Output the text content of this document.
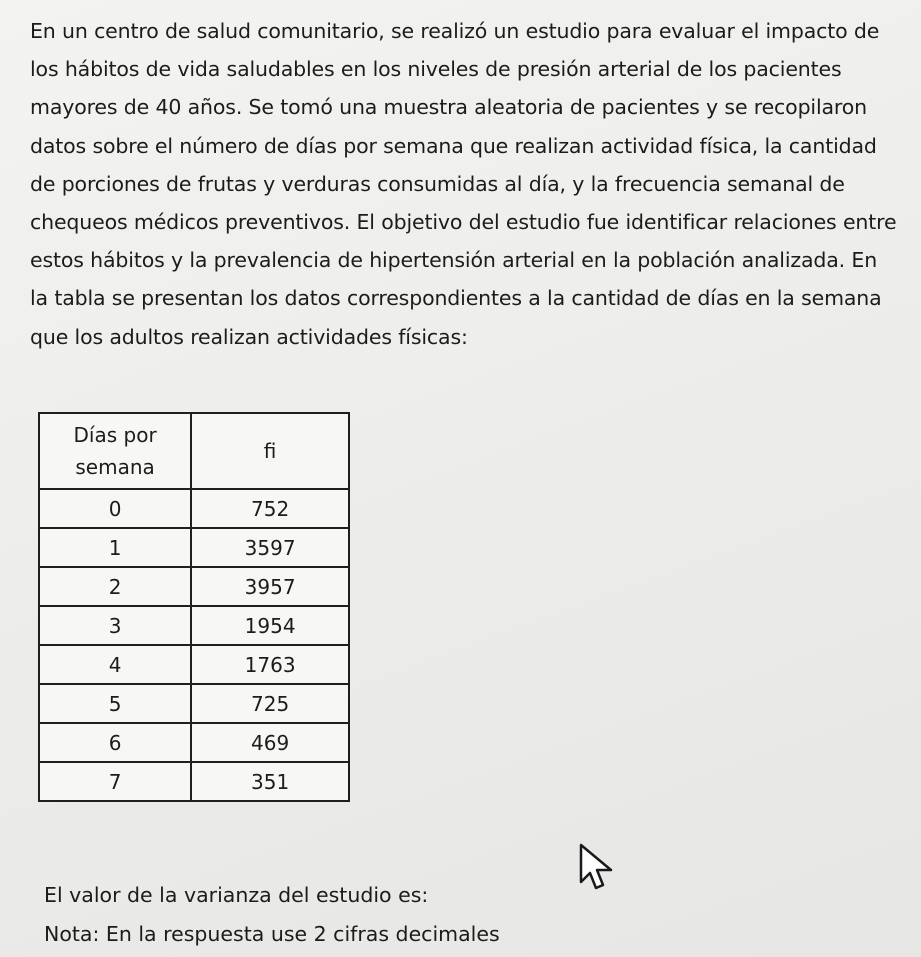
En un centro de salud comunitario, se realizó un estudio para evaluar el impacto de los hábitos de vida saludables en los niveles de presión arterial de los pacientes mayores de 40 años. Se tomó una muestra aleatoria de pacientes y se recopilaron datos sobre el número de días por semana que realizan actividad física, la cantidad de porciones de frutas y verduras consumidas al día, y la frecuencia semanal de chequeos médicos preventivos. El objetivo del estudio fue identificar relaciones entre estos hábitos y la prevalencia de hipertensión arterial en la población analizada. En la tabla se presentan los datos correspondientes a la cantidad de días en la semana que los adultos realizan actividades físicas:

Días por
semana	fi
0	752
1	3597
2	3957
3	1954
4	1763
5	725
6	469
7	351

El valor de la varianza del estudio es:

Nota: En la respuesta use 2 cifras decimales
